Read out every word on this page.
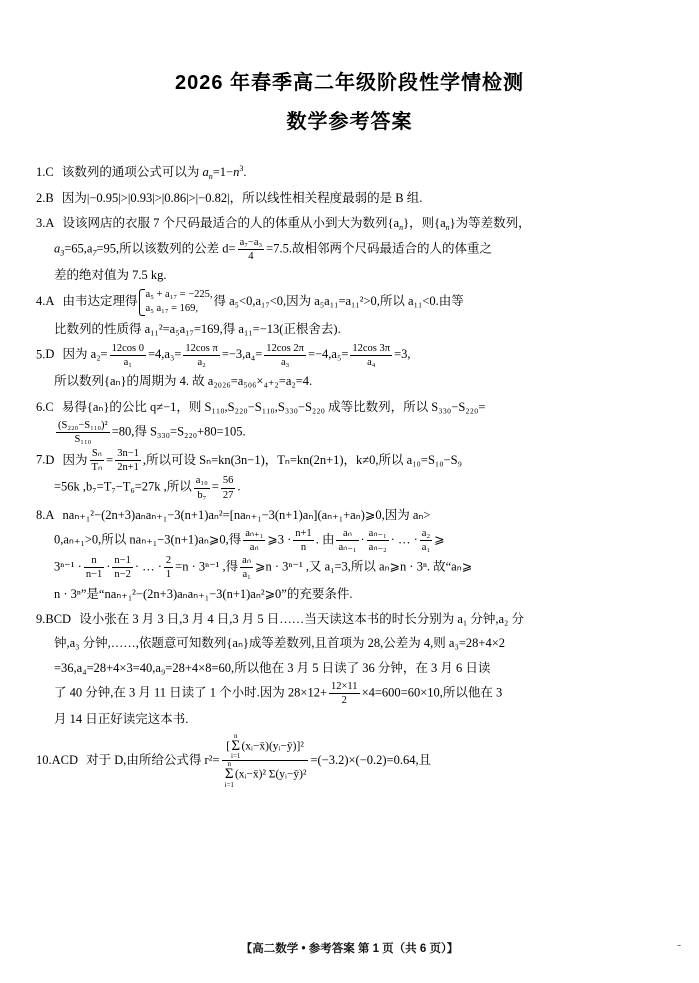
2026 年春季高二年级阶段性学情检测
数学参考答案
1.C 该数列的通项公式可以为 $a_n=1-n^3$.
2.B 因为|−0.95|>|0.93|>|0.86|>|−0.82|，所以线性相关程度最弱的是 B 组.
3.A 设该网店的衣服 7 个尺码最适合的人的体重从小到大为数列$\{a_n\}$，则$\{a_n\}$为等差数列，
$a_3=65,a_7=95$,所以该数列的公差 $d= \frac{\text{a₇−a₃}}{4} =7.5$.故相邻两个尺码最适合的人的体重之
差的绝对值为 7.5 kg.
4.A 由韦达定理得 a₅ + a₁₇ = −225,
a₅ a₁₇ = 169,得 a₅<0,a₁₇<0,因为 a₅a₁₁=a₁₁²>0,所以 a₁₁<0.由等
比数列的性质得 a₁₁²=a₅a₁₇=169,得 a₁₁=−13(正根舍去).
5.D 因为 $a_2= \frac{12\cos 0}{\text{a₁}} =4,a_3= \frac{\text{12cos π}}{\text{a₂}} =-3,a_4= \frac{12\cos 2\pi}{\text{a₃}} =-4,a_5= \frac{12\cos 3\pi}{\text{a₄}} =3$,
所以数列{aₙ}的周期为 4. 故 a₂₀₂₆=a₅₀₆×₄₊₂=a₂=4.
6.C 易得{aₙ}的公比 q≠−1，则 S₁₁₀,S₂₂₀−S₁₁₀,S₃₃₀−S₂₂₀ 成等比数列，所以 S₃₃₀−S₂₂₀=
$\frac{\text{(S₂₂₀−S₁₁₀)²}}{\text{S₁₁₀}} =80$,得 S₃₃₀=S₂₂₀+80=105.
7.D 因为 $\frac{\text{Sₙ}}{\text{Tₙ}} = \frac{3n-1}{2n+1}$ ,所以可设 Sₙ=kn(3n−1)，Tₙ=kn(2n+1)，k≠0,所以 a₁₀=S₁₀−S₉
=56k ,b₇=T₇−T₆=27k ,所以 $\frac{\text{a₁₀}}{\text{b₇}} = \frac{56}{27}$ .
8.A naₙ₊₁²−(2n+3)aₙaₙ₊₁−3(n+1)aₙ²=[naₙ₊₁−3(n+1)aₙ](aₙ₊₁+aₙ)⩾0,因为 aₙ>
0,aₙ₊₁>0,所以 naₙ₊₁−3(n+1)aₙ⩾0,得 $\frac{\text{aₙ₊₁}}{\text{aₙ}}$ ⩾3 · $\frac{n+1}{n}$ . 由 $\frac{\text{aₙ}}{\text{aₙ₋₁}} \cdot \frac{\text{aₙ₋₁}}{\text{aₙ₋₂}}$ · … · $\frac{\text{a₂}}{\text{a₁}}$ ⩾
$3^{n-1} \cdot \frac{n}{n-1} \cdot \frac{n-1}{n-2}$ · … · $\frac{2}{1} =n \cdot 3^{n-1}$ ,得 $\frac{\text{aₙ}}{\text{a₁}}$ ⩾n · 3ⁿ⁻¹ ,又 a₁=3,所以 aₙ⩾n · 3ⁿ. 故“aₙ⩾
n · 3ⁿ”是“naₙ₊₁²−(2n+3)aₙaₙ₊₁−3(n+1)aₙ²⩾0”的充要条件.
9.BCD 设小张在 3 月 3 日,3 月 4 日,3 月 5 日……当天读这本书的时长分别为 a₁ 分钟,a₂ 分
钟,a₃ 分钟,……,依题意可知数列{aₙ}成等差数列,且首项为 28,公差为 4,则 a₃=28+4×2
=36,a₄=28+4×3=40,a₉=28+4×8=60,所以他在 3 月 5 日读了 36 分钟，在 3 月 6 日读
了 40 分钟,在 3 月 11 日读了 1 个小时.因为 $28\times 12+ \frac{12\times 11}{2} \times 4=600=60\times 10$,所以他在 3
月 14 日正好读完这本书.
10.ACD 对于 D,由所给公式得 r²= [
n
Σ
i=1
(xᵢ−x̄)(yᵢ−ȳ)]²
n
Σ
i=1
(xᵢ−x̄)² Σ(yᵢ−ȳ)² =(−3.2)×(−0.2)=0.64,且
【高二数学 • 参考答案 第 1 页（共 6 页）】	-
